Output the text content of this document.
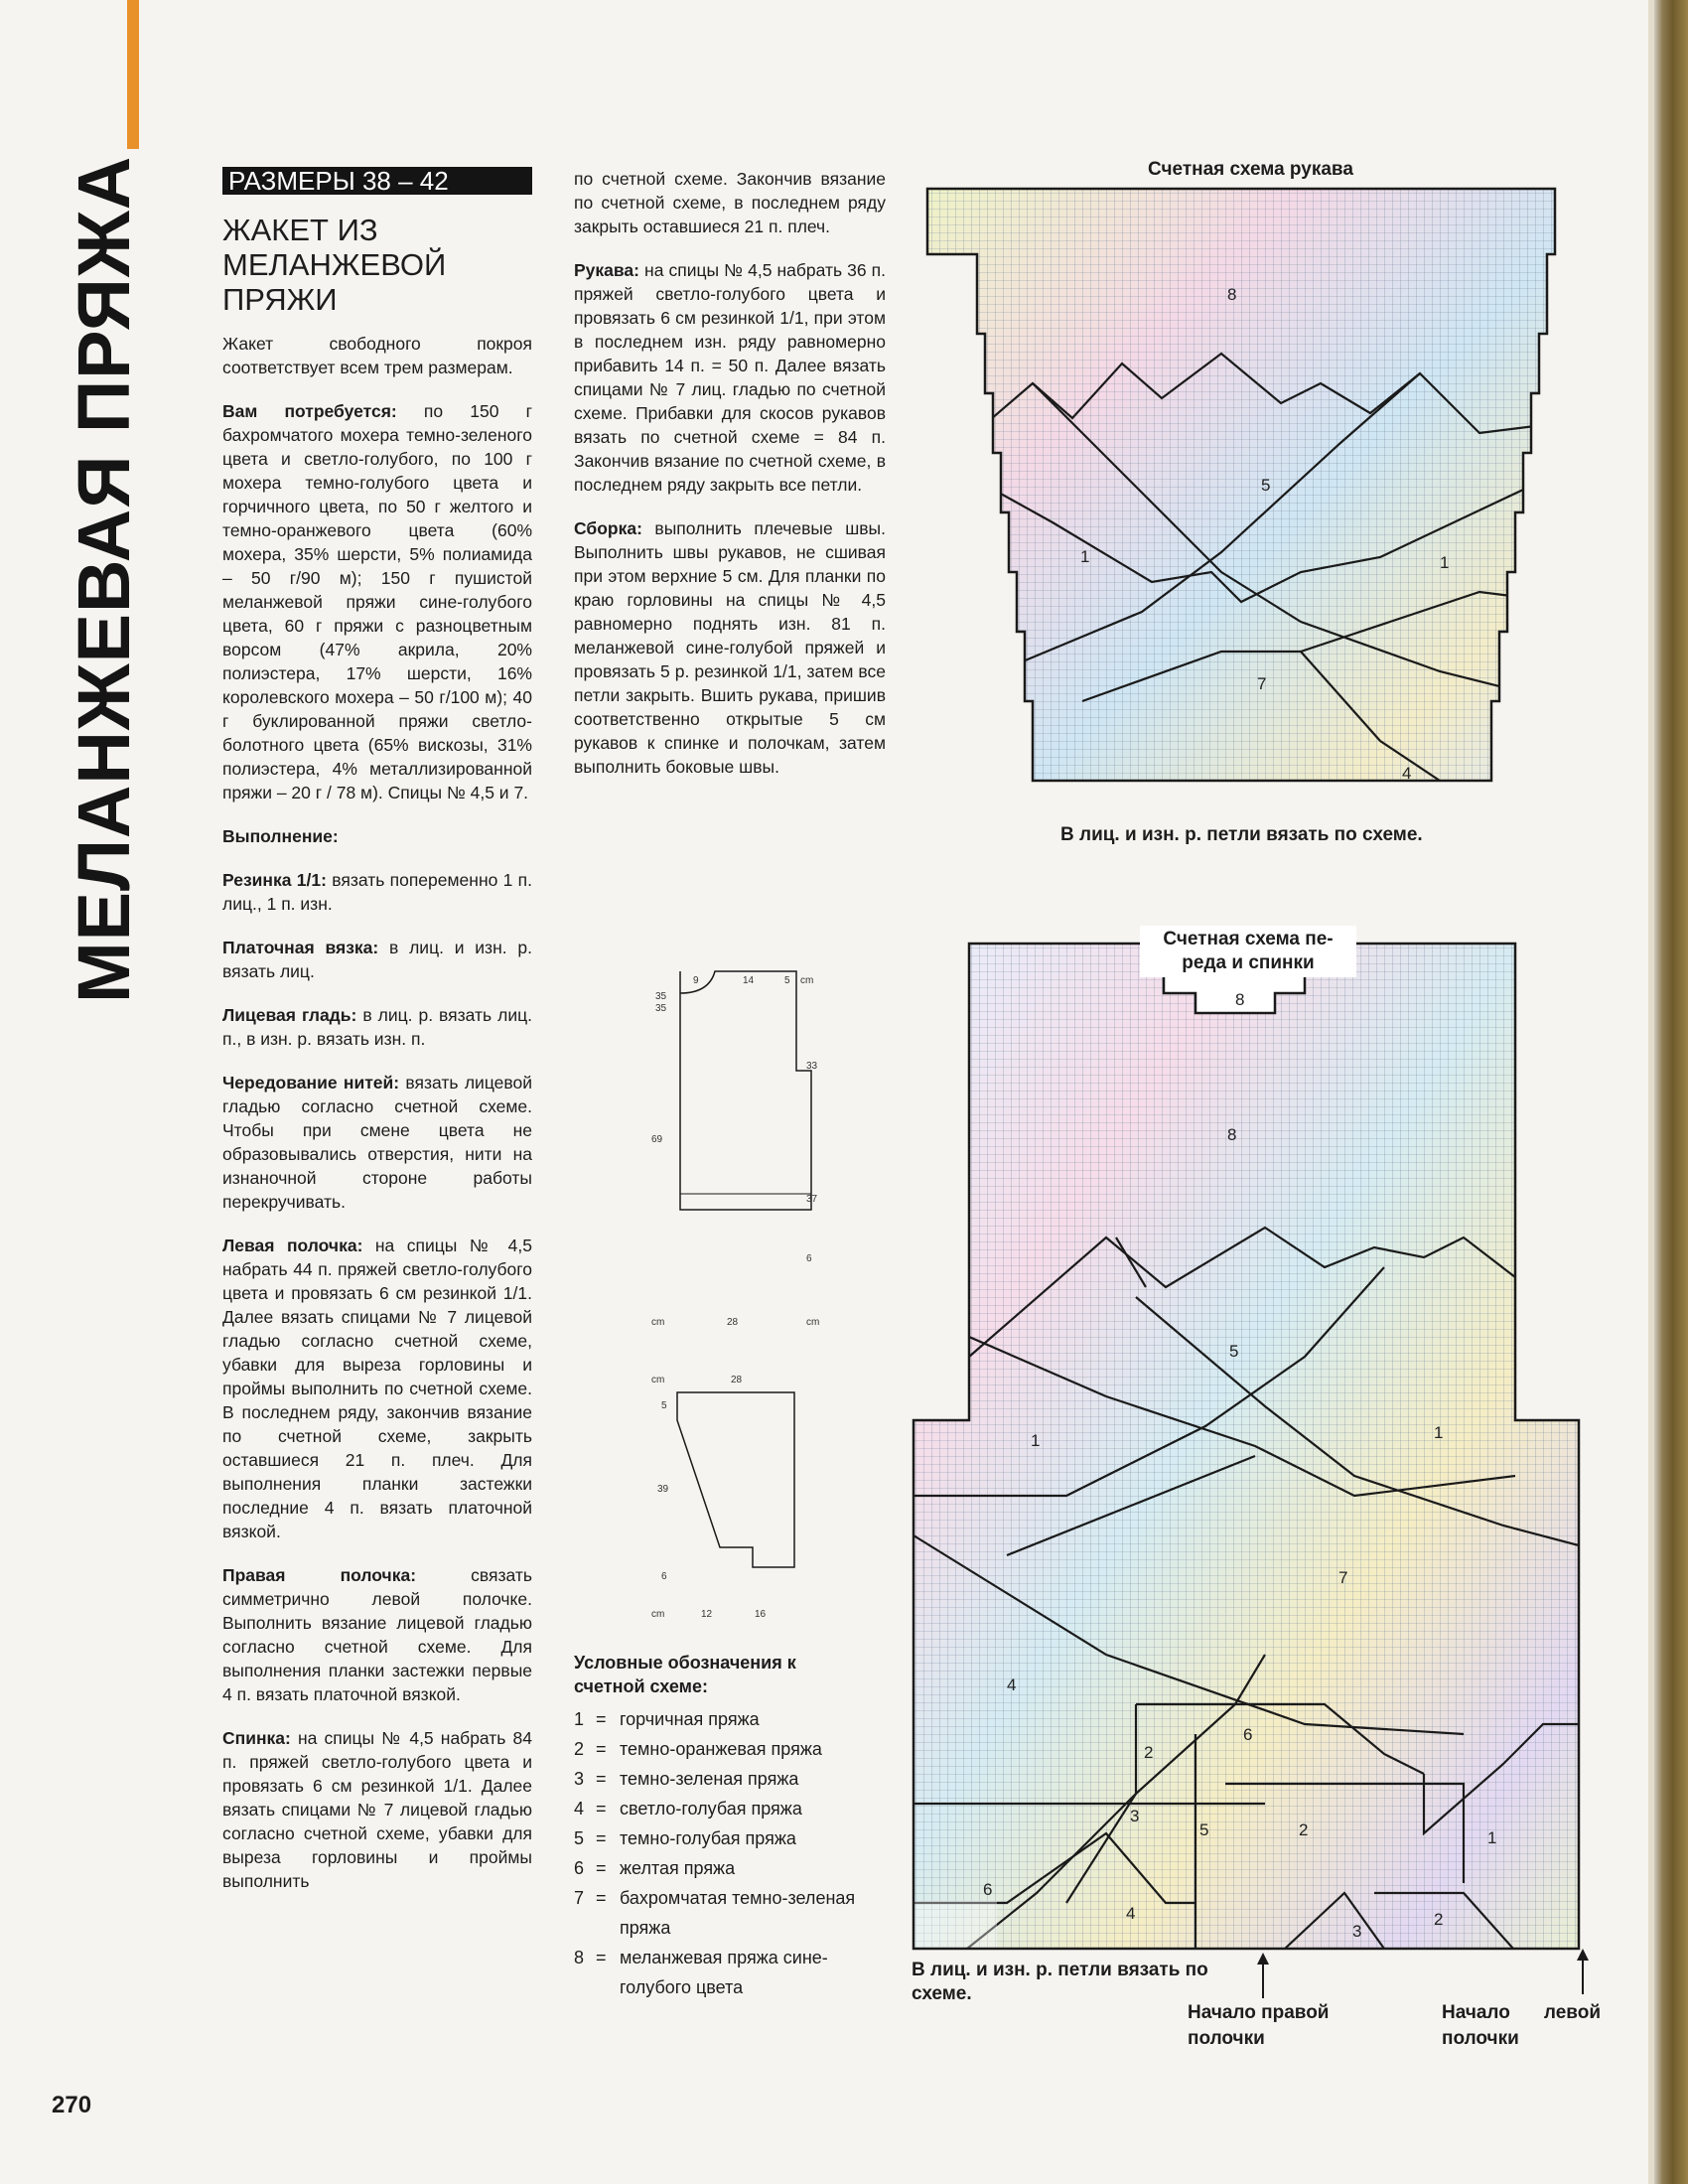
МЕЛАНЖЕВАЯ ПРЯЖА	РАЗМЕРЫ 38 – 42
ЖАКЕТ ИЗ
МЕЛАНЖЕВОЙ
ПРЯЖИ

Жакет свободного покроя соответствует всем трем размерам.

Вам потребуется: по 150 г бахромчатого мохера темно-зеленого цвета и светло-голубого, по 100 г мохера темно-голубого цвета и горчичного цвета, по 50 г желтого и темно-оранжевого цвета (60% мохера, 35% шерсти, 5% полиамида – 50 г/90 м); 150 г пушистой меланжевой пряжи сине-голубого цвета, 60 г пряжи с разноцветным ворсом (47% акрила, 20% полиэстера, 17% шерсти, 16% королевского мохера – 50 г/100 м); 40 г буклированной пряжи светло-болотного цвета (65% вискозы, 31% полиэстера, 4% металлизированной пряжи – 20 г / 78 м). Спицы № 4,5 и 7.

Выполнение:

Резинка 1/1: вязать попеременно 1 п. лиц., 1 п. изн.

Платочная вязка: в лиц. и изн. р. вязать лиц.

Лицевая гладь: в лиц. р. вязать лиц. п., в изн. р. вязать изн. п.

Чередование нитей: вязать лицевой гладью согласно счетной схеме. Чтобы при смене цвета не образовывались отверстия, нити на изнаночной стороне работы перекручивать.

Левая полочка: на спицы № 4,5 набрать 44 п. пряжей светло-голубого цвета и провязать 6 см резинкой 1/1. Далее вязать спицами № 7 лицевой гладью согласно счетной схеме, убавки для выреза горловины и проймы выполнить по счетной схеме. В последнем ряду, закончив вязание по счетной схеме, закрыть оставшиеся 21 п. плеч. Для выполнения планки застежки последние 4 п. вязать платочной вязкой.

Правая полочка: связать симметрично левой полочке. Выполнить вязание лицевой гладью согласно счетной схеме. Для выполнения планки застежки первые 4 п. вязать платочной вязкой.

Спинка: на спицы № 4,5 набрать 84 п. пряжей светло-голубого цвета и провязать 6 см резинкой 1/1. Далее вязать спицами № 7 лицевой гладью согласно счетной схеме, убавки для выреза горловины и проймы выполнить

по счетной схеме. Закончив вязание по счетной схеме, в последнем ряду закрыть оставшиеся 21 п. плеч.

Рукава: на спицы № 4,5 набрать 36 п. пряжей светло-голубого цвета и провязать 6 см резинкой 1/1, при этом в последнем изн. ряду равномерно прибавить 14 п. = 50 п. Далее вязать спицами № 7 лиц. гладью по счетной схеме. Прибавки для скосов рукавов вязать по счетной схеме = 84 п. Закончив вязание по счетной схеме, в последнем ряду закрыть все петли.

Сборка: выполнить плечевые швы. Выполнить швы рукавов, не сшивая при этом верхние 5 см. Для планки по краю горловины на спицы № 4,5 равномерно поднять изн. 81 п. меланжевой сине-голубой пряжей и провязать 5 р. резинкой 1/1, затем все петли закрыть. Вшить рукава, пришив соответственно открытые 5 см рукавов к спинке и полочкам, затем выполнить боковые швы.

9	14	5 cm
35
35
69
33
37
6
cm	28	cm
cm	28
5
39
6
cm	12	16
Условные обозначения к счетной схеме:
1 = горчичная пряжа
2 = темно-оранжевая пряжа
3 = темно-зеленая пряжа
4 = светло-голубая пряжа
5 = темно-голубая пряжа
6 = желтая пряжа
7 = бахромчатая темно-зеленая пряжа
8 = меланжевая пряжа сине-голубого цвета
Счетная схема рукава
8
5
1	1
7
4
В лиц. и изн. р. петли вязать по схеме.
8
8
5
1	1
7
4
2
6
3
5	2	1
6
4
3
2
Счетная схема пе-
реда и спинки
В лиц. и изн. р. петли вязать по
схеме.
Начало правой
полочки
Начало левой
полочки
270
